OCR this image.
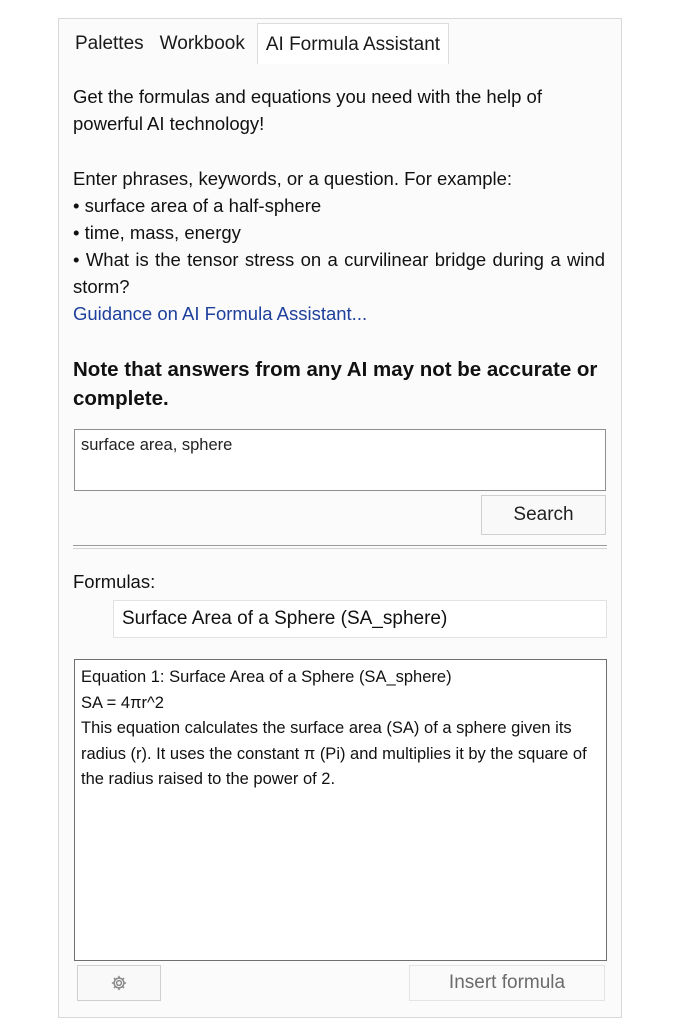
Palettes Workbook	AI Formula Assistant

Get the formulas and equations you need with the help of powerful AI technology!

Enter phrases, keywords, or a question. For example:

• surface area of a half-sphere
• time, mass, energy
• What is the tensor stress on a curvilinear bridge during a wind storm?
Guidance on AI Formula Assistant...
Note that answers from any AI may not be accurate or complete.
surface area, sphere
Search
Formulas:
Surface Area of a Sphere (SA_sphere)
Equation 1: Surface Area of a Sphere (SA_sphere)
SA = 4πr^2
This equation calculates the surface area (SA) of a sphere given its radius (r). It uses the constant π (Pi) and multiplies it by the square of the radius raised to the power of 2.
Insert formula
